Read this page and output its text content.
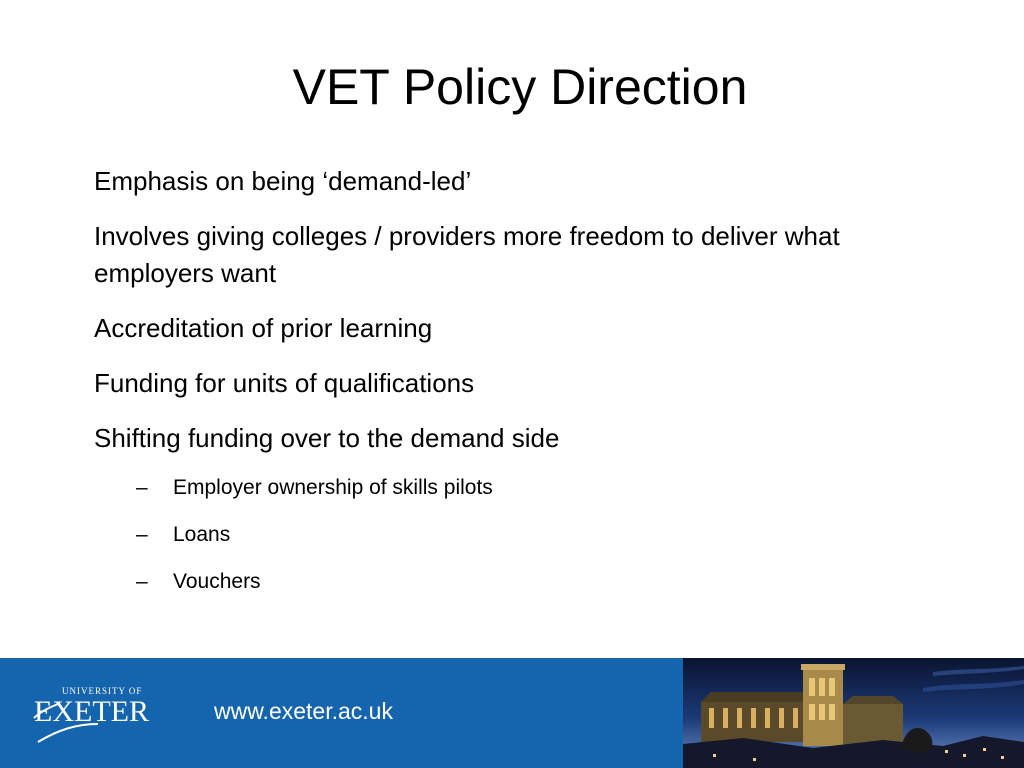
VET Policy Direction
Emphasis on being ‘demand-led’
Involves giving colleges / providers more freedom to deliver what employers want
Accreditation of prior learning
Funding for units of qualifications
Shifting funding over to the demand side
– Employer ownership of skills pilots
– Loans
– Vouchers
UNIVERSITY OF
EXETER	www.exeter.ac.uk
